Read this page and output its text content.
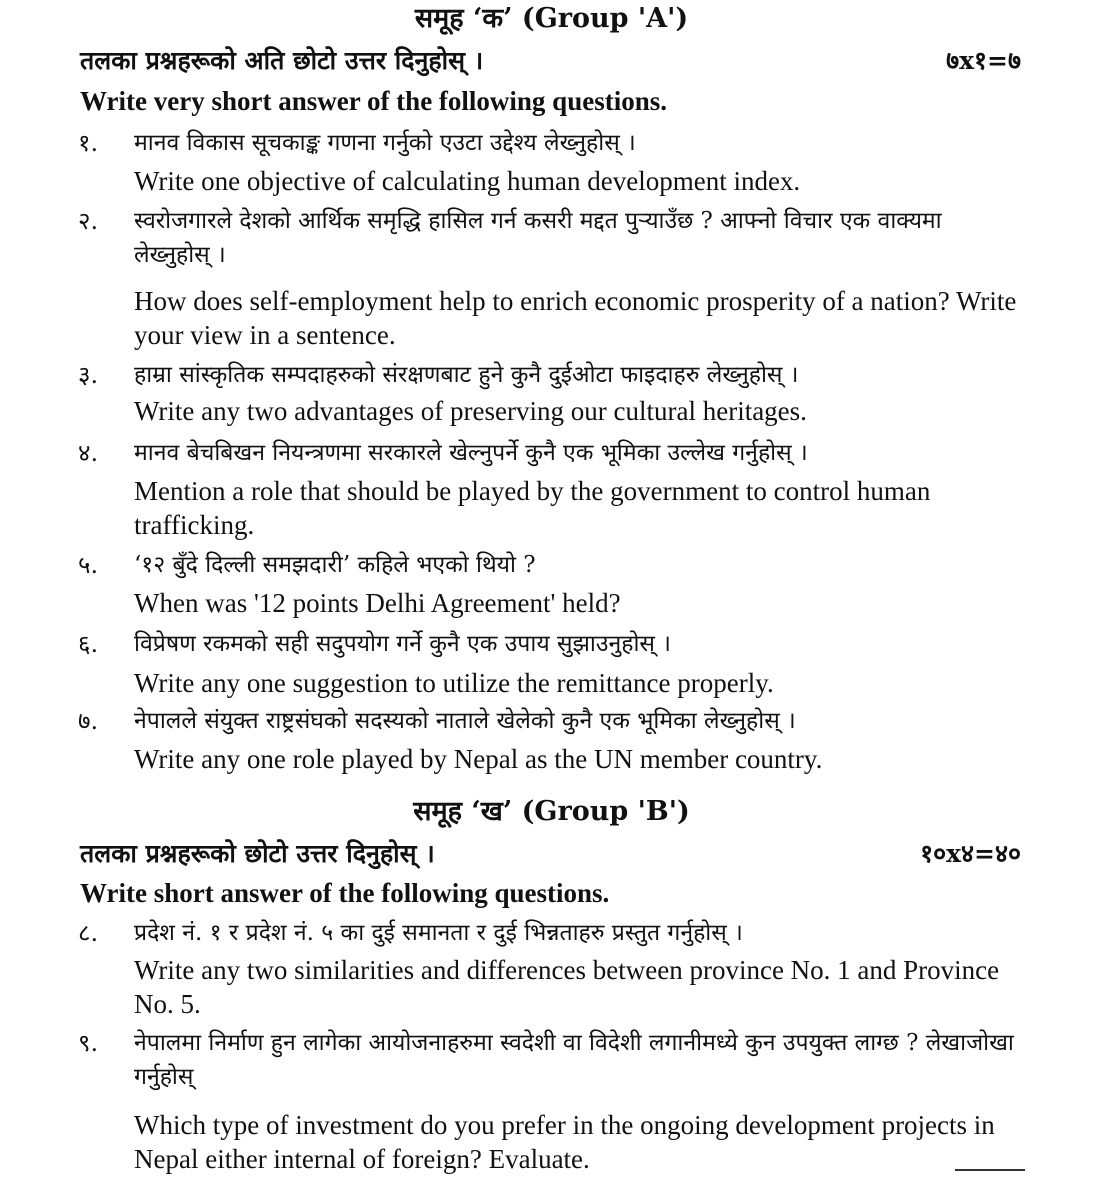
समूह ‘क’ (Group 'A')
तलका प्रश्नहरूको अति छोटो उत्तर दिनुहोस् ।	७x१=७
Write very short answer of the following questions.
१. मानव विकास सूचकाङ्क गणना गर्नुको एउटा उद्देश्य लेख्नुहोस् ।
Write one objective of calculating human development index.
२. स्वरोजगारले देशको आर्थिक समृद्धि हासिल गर्न कसरी मद्दत पुऱ्याउँछ ? आफ्नो विचार एक वाक्यमा लेख्नुहोस् ।
How does self-employment help to enrich economic prosperity of a nation? Write your view in a sentence.
३. हाम्रा सांस्कृतिक सम्पदाहरुको संरक्षणबाट हुने कुनै दुईओटा फाइदाहरु लेख्नुहोस् ।
Write any two advantages of preserving our cultural heritages.
४. मानव बेचबिखन नियन्त्रणमा सरकारले खेल्नुपर्ने कुनै एक भूमिका उल्लेख गर्नुहोस् ।
Mention a role that should be played by the government to control human trafficking.
५. ‘१२ बुँदे दिल्ली समझदारी’ कहिले भएको थियो ?
When was '12 points Delhi Agreement' held?
६. विप्रेषण रकमको सही सदुपयोग गर्ने कुनै एक उपाय सुझाउनुहोस् ।
Write any one suggestion to utilize the remittance properly.
७. नेपालले संयुक्त राष्ट्रसंघको सदस्यको नाताले खेलेको कुनै एक भूमिका लेख्नुहोस् ।
Write any one role played by Nepal as the UN member country.
समूह ‘ख’ (Group 'B')
तलका प्रश्नहरूको छोटो उत्तर दिनुहोस् ।	१०x४=४०
Write short answer of the following questions.
८. प्रदेश नं. १ र प्रदेश नं. ५ का दुई समानता र दुई भिन्नताहरु प्रस्तुत गर्नुहोस् ।
Write any two similarities and differences between province No. 1 and Province No. 5.
९. नेपालमा निर्माण हुन लागेका आयोजनाहरुमा स्वदेशी वा विदेशी लगानीमध्ये कुन उपयुक्त लाग्छ ? लेखाजोखा गर्नुहोस्
Which type of investment do you prefer in the ongoing development projects in Nepal either internal of foreign? Evaluate.
